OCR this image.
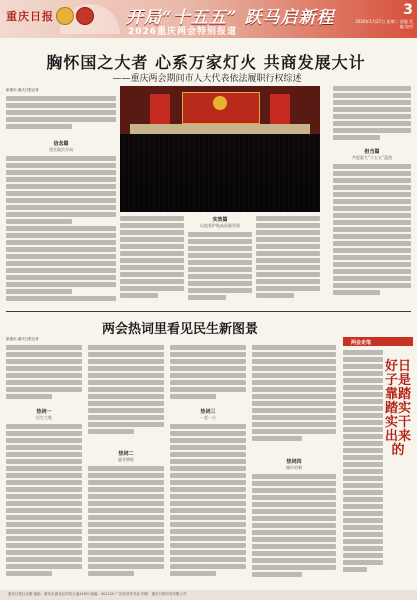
重庆日报	开局“十五五” 跃马启新程
2026重庆两会特别报道
3
2026年1月27日 星期二 责编 美编 校对
胸怀国之大者 心系万家灯火 共商发展大计
——重庆两会期间市人大代表依法履职行权综述
新重庆-重庆日报记者
信念篇
坚定政治方向	担当篇
共促重大“十五五”蓝图
实效篇
以监督护航高质量发展
两会热词里看见民生新图景
新重庆-重庆日报记者
热词一
民生大账
热词二
就业增收
热词三
一老一小
热词四
城市更新
两会走笔
好日子是靠踏踏实实干出来的
重庆日报社出版 地址：重庆市渝北区同茂大道416号 邮编：401120 广告经营许可证 印刷：重庆日报印务有限公司
